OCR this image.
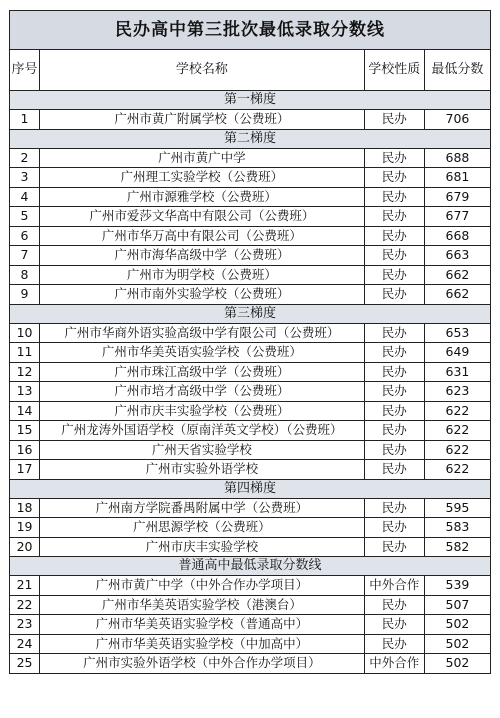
民办高中第三批次最低录取分数线			
序号	学校名称	学校性质	最低分数
第一梯度			
1	广州市黄广附属学校（公费班）	民办	706
第二梯度			
2	广州市黄广中学	民办	688
3	广州理工实验学校（公费班）	民办	681
4	广州市源雅学校（公费班）	民办	679
5	广州市爱莎文华高中有限公司（公费班）	民办	677
6	广州市华万高中有限公司（公费班）	民办	668
7	广州市海华高级中学（公费班）	民办	663
8	广州市为明学校（公费班）	民办	662
9	广州市南外实验学校（公费班）	民办	662
第三梯度			
10	广州市华商外语实验高级中学有限公司（公费班）	民办	653
11	广州市华美英语实验学校（公费班）	民办	649
12	广州市珠江高级中学（公费班）	民办	631
13	广州市培才高级中学（公费班）	民办	623
14	广州市庆丰实验学校（公费班）	民办	622
15	广州龙涛外国语学校（原南洋英文学校）（公费班）	民办	622
16	广州天省实验学校	民办	622
17	广州市实验外语学校	民办	622
第四梯度			
18	广州南方学院番禺附属中学（公费班）	民办	595
19	广州思源学校（公费班）	民办	583
20	广州市庆丰实验学校	民办	582
普通高中最低录取分数线			
21	广州市黄广中学（中外合作办学项目）	中外合作	539
22	广州市华美英语实验学校（港澳台）	民办	507
23	广州市华美英语实验学校（普通高中）	民办	502
24	广州市华美英语实验学校（中加高中）	民办	502
25	广州市实验外语学校（中外合作办学项目）	中外合作	502
